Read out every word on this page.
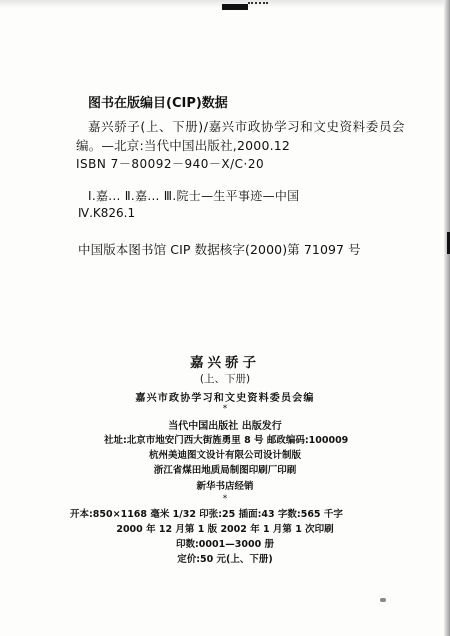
图书在版编目(CIP)数据
嘉兴骄子(上、下册)/嘉兴市政协学习和文史资料委员会
编。—北京:当代中国出版社,2000.12
ISBN 7－80092－940－X/C·20
Ⅰ.嘉... Ⅱ.嘉... Ⅲ.院士—生平事迹—中国
Ⅳ.K826.1
中国版本图书馆 CIP 数据核字(2000)第 71097 号
嘉兴骄子
(上、下册)
嘉兴市政协学习和文史资料委员会编
*
当代中国出版社 出版发行
社址:北京市地安门西大街旌勇里 8 号 邮政编码:100009
杭州美迪图文设计有限公司设计制版
浙江省煤田地质局制图印刷厂印刷
新华书店经销
*
开本:850×1168 毫米 1/32 印张:25 插面:43 字数:565 千字
2000 年 12 月第 1 版 2002 年 1 月第 1 次印刷
印数:0001—3000 册
定价:50 元(上、下册)
